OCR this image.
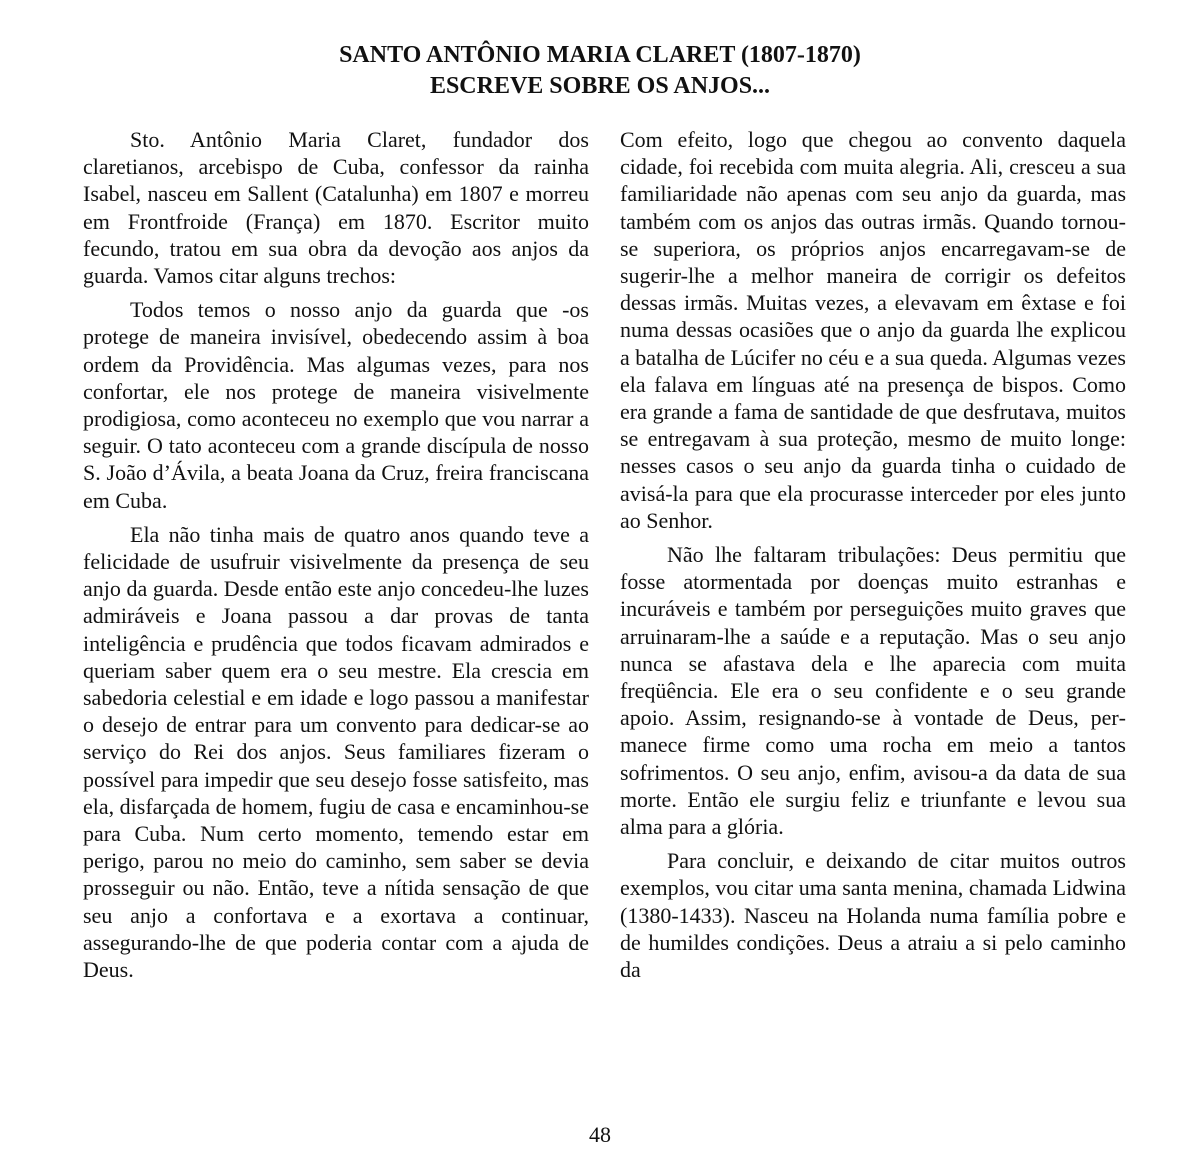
SANTO ANTÔNIO MARIA CLARET (1807-1870)
ESCREVE SOBRE OS ANJOS...

Sto. Antônio Maria Claret, fundador dos claretianos, arcebispo de Cuba, confessor da rainha Isabel, nasceu em Sallent (Catalunha) em 1807 e morreu em Frontfroide (França) em 1870. Escritor muito fecundo, tratou em sua obra da devoção aos anjos da guarda. Vamos citar alguns trechos:

Todos temos o nosso anjo da guarda que -os protege de maneira invisível, obedecendo assim à boa ordem da Providência. Mas algumas vezes, para nos confortar, ele nos protege de maneira visivelmente prodigiosa, como aconteceu no exemplo que vou narrar a seguir. O tato aconteceu com a grande discípula de nosso S. João d’Ávila, a beata Joana da Cruz, freira franciscana em Cuba.

Ela não tinha mais de quatro anos quando teve a felicidade de usufruir visivelmente da presença de seu anjo da guarda. Desde então este anjo concedeu-lhe luzes admiráveis e Joana passou a dar provas de tanta inteligência e prudência que todos ficavam admirados e queriam saber quem era o seu mestre. Ela crescia em sabedoria celestial e em idade e logo passou a manifestar o desejo de entrar para um convento para dedicar-se ao serviço do Rei dos anjos. Seus familiares fizeram o possível para impedir que seu desejo fosse satisfeito, mas ela, disfarçada de homem, fugiu de casa e encaminhou-se para Cuba. Num certo momento, temendo estar em perigo, parou no meio do caminho, sem saber se devia prosseguir ou não. Então, teve a nítida sensação de que seu anjo a confortava e a exortava a continuar, assegurando-lhe de que poderia contar com a ajuda de Deus.

Com efeito, logo que chegou ao convento daquela cidade, foi recebida com muita alegria. Ali, cresceu a sua familiaridade não apenas com seu anjo da guarda, mas também com os anjos das outras irmãs. Quando tornou-se superiora, os próprios anjos encarregavam-se de sugerir-lhe a melhor maneira de corrigir os defeitos dessas irmãs. Muitas vezes, a elevavam em êxtase e foi numa dessas ocasiões que o anjo da guarda lhe explicou a batalha de Lúcifer no céu e a sua queda. Algumas vezes ela falava em línguas até na presença de bispos. Como era grande a fama de santidade de que desfrutava, muitos se entregavam à sua proteção, mesmo de muito longe: nesses casos o seu anjo da guarda tinha o cuidado de avisá-la para que ela procurasse interceder por eles junto ao Senhor.

Não lhe faltaram tribulações: Deus permitiu que fosse atormentada por doenças muito estranhas e incuráveis e também por perseguições muito graves que arruinaram-lhe a saúde e a reputação. Mas o seu anjo nunca se afastava dela e lhe aparecia com muita freqüência. Ele era o seu confidente e o seu grande apoio. Assim, resignando-se à vontade de Deus, permanece firme como uma rocha em meio a tantos sofrimentos. O seu anjo, enfim, avisou-a da data de sua morte. Então ele surgiu feliz e triunfante e levou sua alma para a glória.

Para concluir, e deixando de citar muitos outros exemplos, vou citar uma santa menina, chamada Lidwina (1380-1433). Nasceu na Holanda numa família pobre e de humildes condições. Deus a atraiu a si pelo caminho da

48
